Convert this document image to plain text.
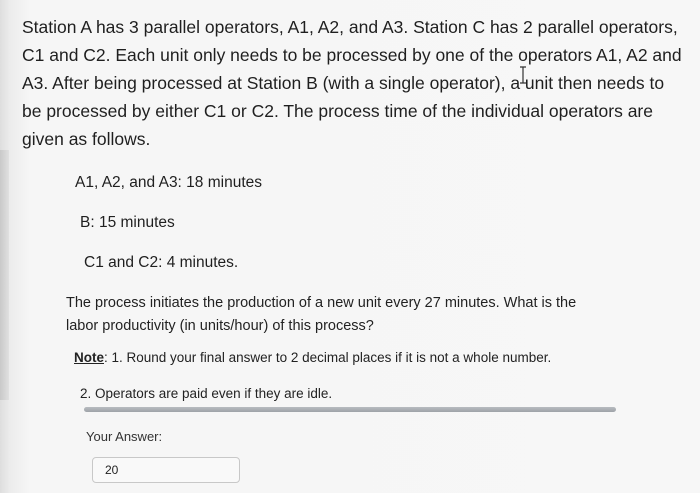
Station A has 3 parallel operators, A1, A2, and A3. Station C has 2 parallel operators,
C1 and C2. Each unit only needs to be processed by one of the operators A1, A2 and
A3. After being processed at Station B (with a single operator), a unit then needs to
be processed by either C1 or C2. The process time of the individual operators are
given as follows.
A1, A2, and A3: 18 minutes
B: 15 minutes
C1 and C2: 4 minutes.
The process initiates the production of a new unit every 27 minutes. What is the
labor productivity (in units/hour) of this process?
Note: 1. Round your final answer to 2 decimal places if it is not a whole number.
2. Operators are paid even if they are idle.
Your Answer:
20
